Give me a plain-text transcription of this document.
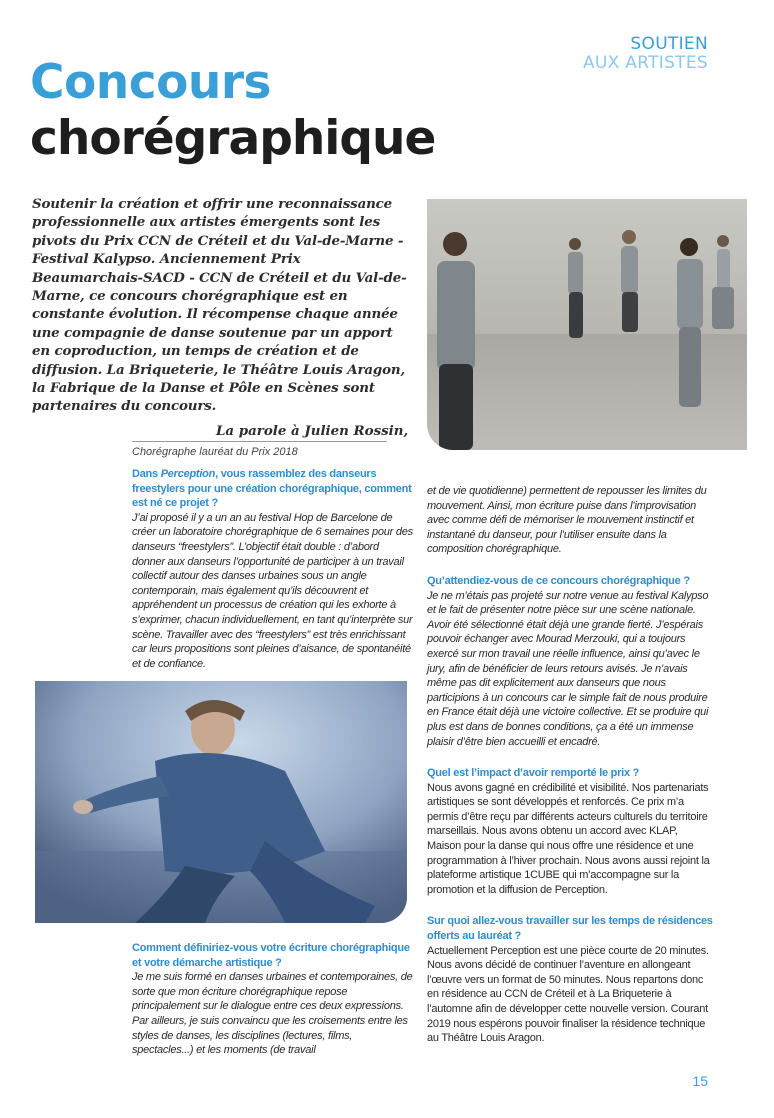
SOUTIEN
AUX ARTISTES
Concours
chorégraphique

Soutenir la création et offrir une reconnaissance professionnelle aux artistes émergents sont les pivots du Prix CCN de Créteil et du Val-de-Marne - Festival Kalypso. Anciennement Prix Beaumarchais-SACD - CCN de Créteil et du Val-de-Marne, ce concours chorégraphique est en constante évolution. Il récompense chaque année une compagnie de danse soutenue par un apport en coproduction, un temps de création et de diffusion. La Briqueterie, le Théâtre Louis Aragon, la Fabrique de la Danse et Pôle en Scènes sont partenaires du concours.

La parole à Julien Rossin,
Chorégraphe lauréat du Prix 2018
Dans Perception, vous rassemblez des danseurs freestylers pour une création chorégraphique, comment est né ce projet ?
J’ai proposé il y a un an au festival Hop de Barcelone de créer un laboratoire chorégraphique de 6 semaines pour des danseurs “freestylers”. L’objectif était double : d’abord donner aux danseurs l’opportunité de participer à un travail collectif autour des danses urbaines sous un angle contemporain, mais également qu’ils découvrent et appréhendent un processus de création qui les exhorte à s’exprimer, chacun individuellement, en tant qu’interprète sur scène. Travailler avec des “freestylers” est très enrichissant car leurs propositions sont pleines d’aisance, de spontanéité et de confiance.
Comment définiriez-vous votre écriture chorégraphique et votre démarche artistique ?
Je me suis formé en danses urbaines et contemporaines, de sorte que mon écriture chorégraphique repose principalement sur le dialogue entre ces deux expressions. Par ailleurs, je suis convaincu que les croisements entre les styles de danses, les disciplines (lectures, films, spectacles...) et les moments (de travail
et de vie quotidienne) permettent de repousser les limites du mouvement. Ainsi, mon écriture puise dans l’improvisation avec comme défi de mémoriser le mouvement instinctif et instantané du danseur, pour l’utiliser ensuite dans la composition chorégraphique.
Qu’attendiez-vous de ce concours chorégraphique ?
Je ne m’étais pas projeté sur notre venue au festival Kalypso et le fait de présenter notre pièce sur une scène nationale. Avoir été sélectionné était déjà une grande fierté. J’espérais pouvoir échanger avec Mourad Merzouki, qui a toujours exercé sur mon travail une réelle influence, ainsi qu’avec le jury, afin de bénéficier de leurs retours avisés. Je n’avais même pas dit explicitement aux danseurs que nous participions à un concours car le simple fait de nous produire en France était déjà une victoire collective. Et se produire qui plus est dans de bonnes conditions, ça a été un immense plaisir d’être bien accueilli et encadré.
Quel est l’impact d’avoir remporté le prix ?
Nous avons gagné en crédibilité et visibilité. Nos partenariats artistiques se sont développés et renforcés. Ce prix m’a permis d’être reçu par différents acteurs culturels du territoire marseillais. Nous avons obtenu un accord avec KLAP, Maison pour la danse qui nous offre une résidence et une programmation à l’hiver prochain. Nous avons aussi rejoint la plateforme artistique 1CUBE qui m’accompagne sur la promotion et la diffusion de Perception.
Sur quoi allez-vous travailler sur les temps de résidences offerts au lauréat ?
Actuellement Perception est une pièce courte de 20 minutes. Nous avons décidé de continuer l’aventure en allongeant l’œuvre vers un format de 50 minutes. Nous repartons donc en résidence au CCN de Créteil et à La Briqueterie à l’automne afin de développer cette nouvelle version. Courant 2019 nous espérons pouvoir finaliser la résidence technique au Théâtre Louis Aragon.
15
